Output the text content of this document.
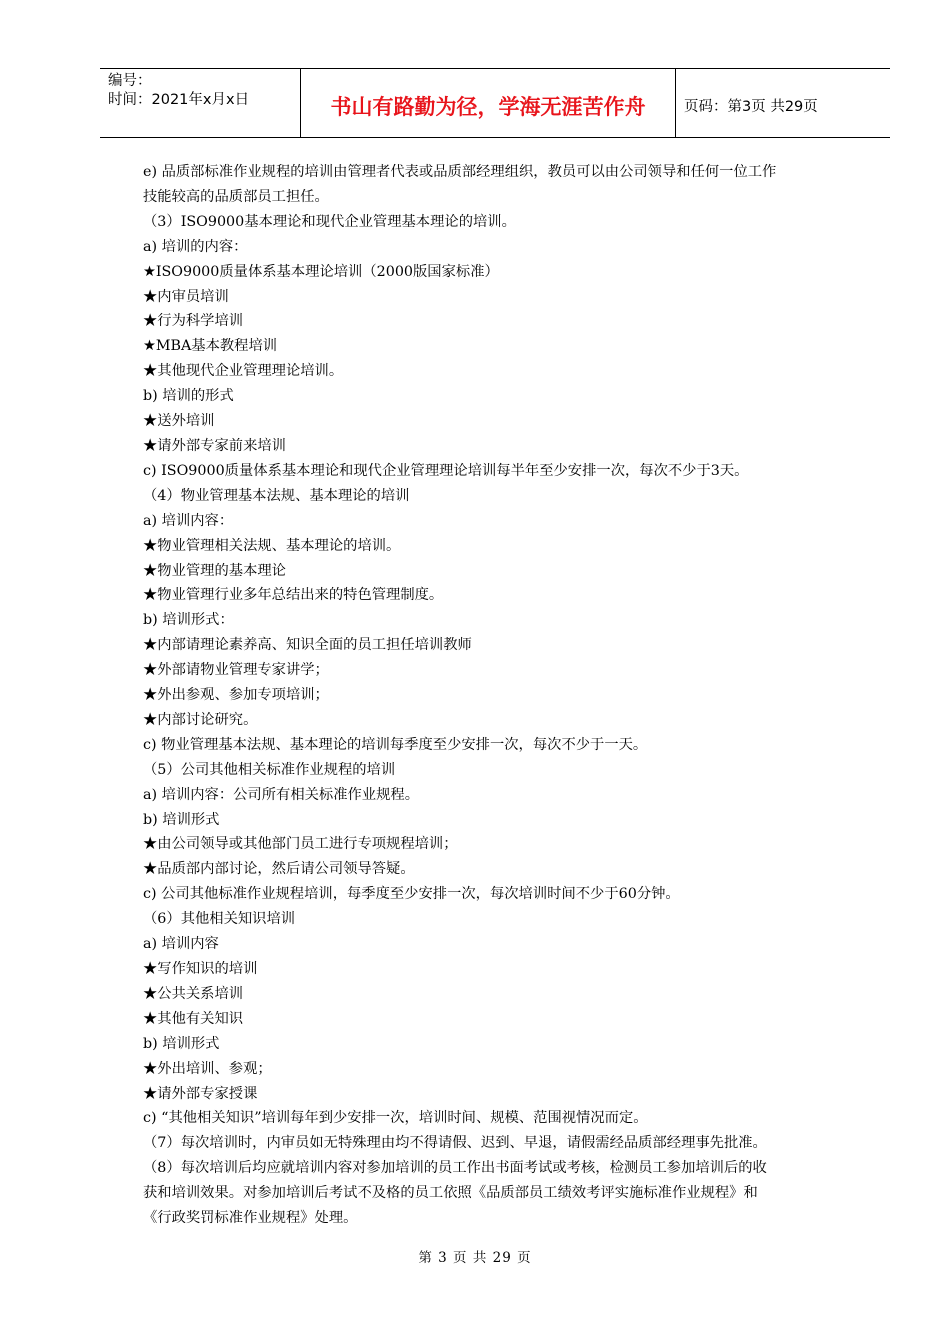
编号：
时间：2021年x月x日	书山有路勤为径，学海无涯苦作舟	页码：第3页 共29页

e) 品质部标准作业规程的培训由管理者代表或品质部经理组织，教员可以由公司领导和任何一位工作

技能较高的品质部员工担任。

（3）ISO9000基本理论和现代企业管理基本理论的培训。

a) 培训的内容：

★ISO9000质量体系基本理论培训（2000版国家标准）

★内审员培训

★行为科学培训

★MBA基本教程培训

★其他现代企业管理理论培训。

b) 培训的形式

★送外培训

★请外部专家前来培训

c) ISO9000质量体系基本理论和现代企业管理理论培训每半年至少安排一次，每次不少于3天。

（4）物业管理基本法规、基本理论的培训

a) 培训内容：

★物业管理相关法规、基本理论的培训。

★物业管理的基本理论

★物业管理行业多年总结出来的特色管理制度。

b) 培训形式：

★内部请理论素养高、知识全面的员工担任培训教师

★外部请物业管理专家讲学；

★外出参观、参加专项培训；

★内部讨论研究。

c) 物业管理基本法规、基本理论的培训每季度至少安排一次，每次不少于一天。

（5）公司其他相关标准作业规程的培训

a) 培训内容：公司所有相关标准作业规程。

b) 培训形式

★由公司领导或其他部门员工进行专项规程培训；

★品质部内部讨论，然后请公司领导答疑。

c) 公司其他标准作业规程培训，每季度至少安排一次，每次培训时间不少于60分钟。

（6）其他相关知识培训

a) 培训内容

★写作知识的培训

★公共关系培训

★其他有关知识

b) 培训形式

★外出培训、参观；

★请外部专家授课

c) “其他相关知识”培训每年到少安排一次，培训时间、规模、范围视情况而定。

（7）每次培训时，内审员如无特殊理由均不得请假、迟到、早退，请假需经品质部经理事先批准。

（8）每次培训后均应就培训内容对参加培训的员工作出书面考试或考核，检测员工参加培训后的收

获和培训效果。对参加培训后考试不及格的员工依照《品质部员工绩效考评实施标准作业规程》和

《行政奖罚标准作业规程》处理。

第 3 页 共 29 页
